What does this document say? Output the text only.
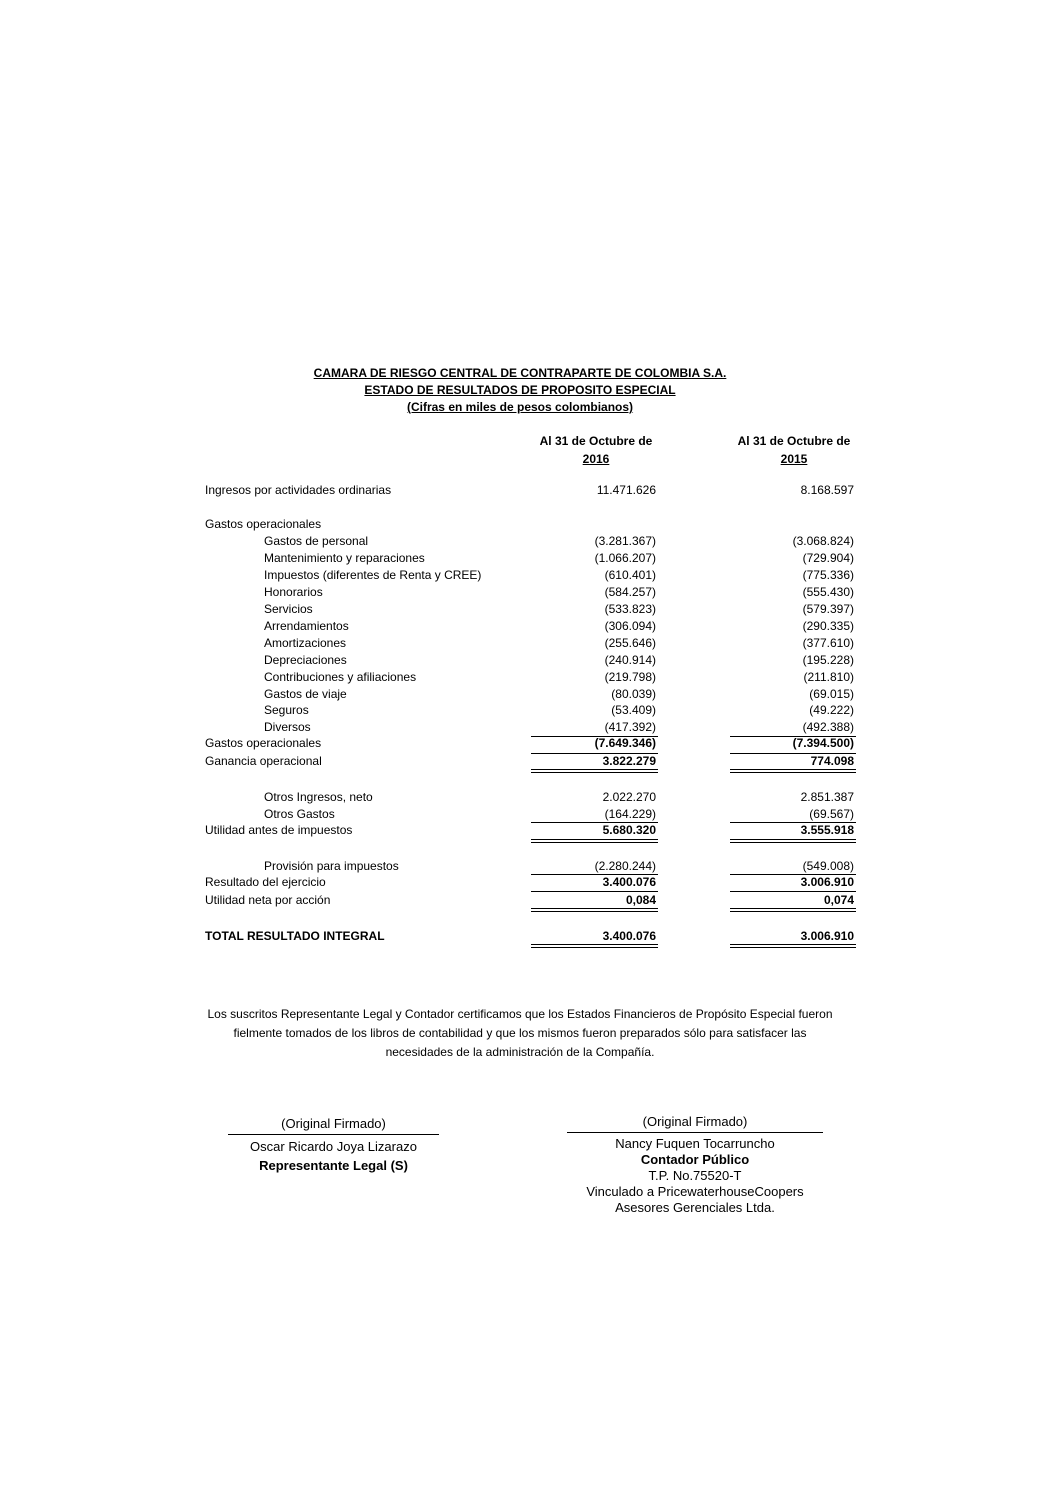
CAMARA DE RIESGO CENTRAL DE CONTRAPARTE DE COLOMBIA S.A.
ESTADO DE RESULTADOS DE PROPOSITO ESPECIAL
(Cifras en miles de pesos colombianos)
Al 31 de Octubre de
2016
Al 31 de Octubre de
2015
Ingresos por actividades ordinarias	11.471.626	8.168.597
Gastos operacionales
Gastos de personal	(3.281.367)	(3.068.824)
Mantenimiento y reparaciones	(1.066.207)	(729.904)
Impuestos (diferentes de Renta y CREE)	(610.401)	(775.336)
Honorarios	(584.257)	(555.430)
Servicios	(533.823)	(579.397)
Arrendamientos	(306.094)	(290.335)
Amortizaciones	(255.646)	(377.610)
Depreciaciones	(240.914)	(195.228)
Contribuciones y afiliaciones	(219.798)	(211.810)
Gastos de viaje	(80.039)	(69.015)
Seguros	(53.409)	(49.222)
Diversos	(417.392)	(492.388)
Gastos operacionales	(7.649.346)	(7.394.500)
Ganancia operacional	3.822.279	774.098
Otros Ingresos, neto	2.022.270	2.851.387
Otros Gastos	(164.229)	(69.567)
Utilidad antes de impuestos	5.680.320	3.555.918
Provisión para impuestos	(2.280.244)	(549.008)
Resultado del ejercicio	3.400.076	3.006.910
Utilidad neta por acción	0,084	0,074
TOTAL RESULTADO INTEGRAL	3.400.076	3.006.910
Los suscritos Representante Legal y Contador certificamos que los Estados Financieros de Propósito Especial fueron
fielmente tomados de los libros de contabilidad y que los mismos fueron preparados sólo para satisfacer las
necesidades de la administración de la Compañía.
(Original Firmado)
Oscar Ricardo Joya Lizarazo
Representante Legal (S)
(Original Firmado)
Nancy Fuquen Tocarruncho
Contador Público
T.P. No.75520-T
Vinculado a PricewaterhouseCoopers
Asesores Gerenciales Ltda.
